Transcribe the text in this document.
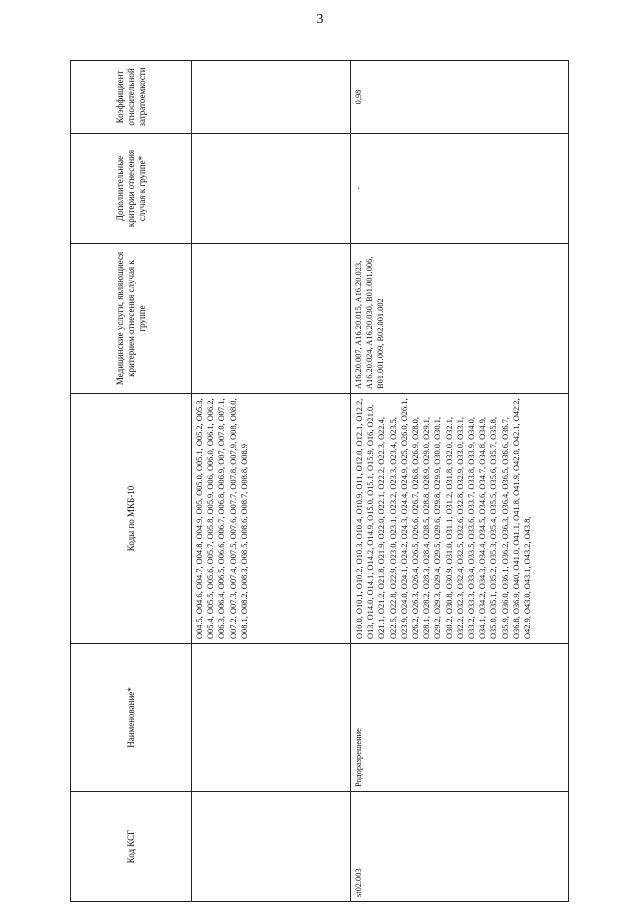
3
Код КСГ	Наименование*	Коды по МКБ-10	Медицинские услуги, являющиеся критерием отнесения случая к группе	Дополнительные критерии отнесения случая к группе*	Коэффициент относительной затратоемкости
		O04.5, O04.6, O04.7, O04.8, O04.9, O05, O05.0, O05.1, O05.2, O05.3, O05.4, O05.5, O05.6, O05.7, O05.8, O05.9, O06, O06.0, O06.1, O06.2, O06.3, O06.4, O06.5, O06.6, O06.7, O06.8, O06.9, O07, O07.0, O07.1, O07.2, O07.3, O07.4, O07.5, O07.6, O07.7, O07.8, O07.9, O08, O08.0, O08.1, O08.2, O08.3, O08.5, O08.6, O08.7, O08.8, O08.9			
st02.003	Родоразрешение	O10.0, O10.1, O10.2, O10.3, O10.4, O10.9, O11, O12.0, O12.1, O12.2, O13, O14.0, O14.1, O14.2, O14.9, O15.0, O15.1, O15.9, O16, O21.0, O21.1, O21.2, O21.8, O21.9, O22.0, O22.1, O22.2, O22.3, O22.4, O22.5, O22.8, O22.9, O23.0, O23.1, O23.2, O23.3, O23.4, O23.5, O23.9, O24.0, O24.1, O24.2, O24.3, O24.4, O24.9, O25, O26.0, O26.1, O26.2, O26.3, O26.4, O26.5, O26.6, O26.7, O26.8, O26.9, O28.0, O28.1, O28.2, O28.3, O28.4, O28.5, O28.8, O28.9, O29.0, O29.1, O29.2, O29.3, O29.4, O29.5, O29.6, O29.8, O29.9, O30.0, O30.1, O30.2, O30.8, O30.9, O31.0, O31.1, O31.2, O31.8, O32.0, O32.1, O32.2, O32.3, O32.4, O32.5, O32.6, O32.8, O32.9, O33.0, O33.1, O33.2, O33.3, O33.4, O33.5, O33.6, O33.7, O33.8, O33.9, O34.0, O34.1, O34.2, O34.3, O34.4, O34.5, O34.6, O34.7, O34.8, O34.9, O35.0, O35.1, O35.2, O35.3, O35.4, O35.5, O35.6, O35.7, O35.8, O35.9, O36.0, O36.1, O36.2, O36.3, O36.4, O36.5, O36.6, O36.7, O36.8, O36.9, O40, O41.0, O41.1, O41.8, O41.9, O42.0, O42.1, O42.2, O42.9, O43.0, O43.1, O43.2, O43.8,	A16.20.007, A16.20.015, A16.20.023, A16.20.024, A16.20.030, B01.001.006, B01.001.009, B02.001.002	-	0,98
